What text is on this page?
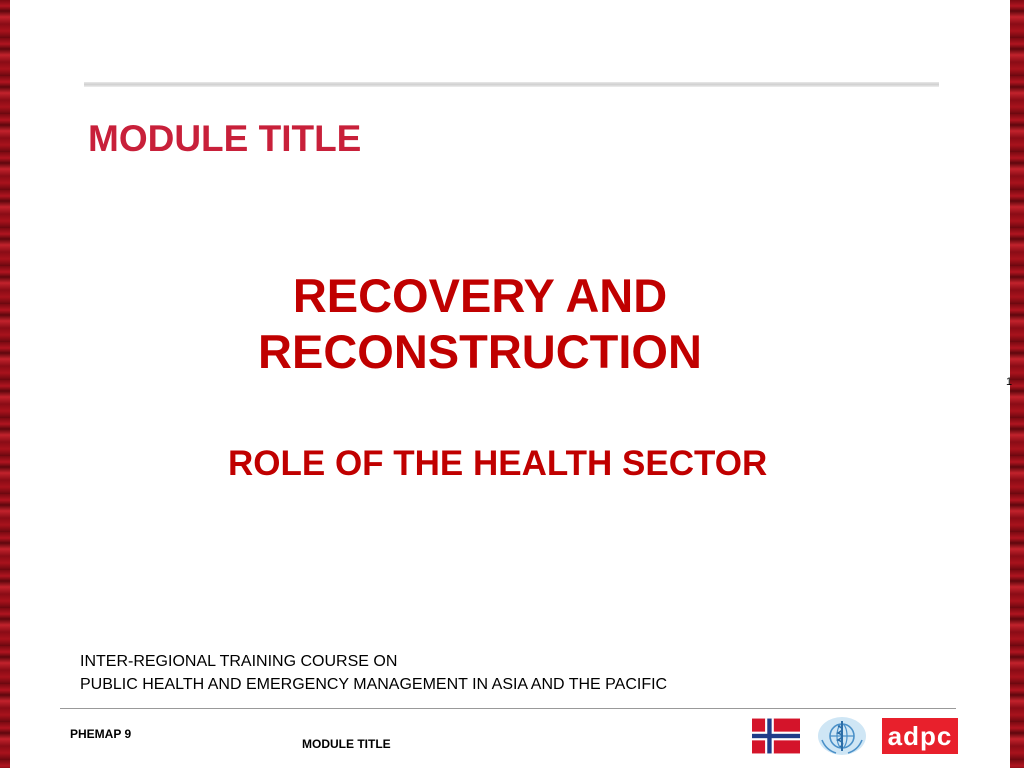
MODULE TITLE
RECOVERY AND
RECONSTRUCTION
ROLE OF THE HEALTH SECTOR
1
INTER-REGIONAL TRAINING COURSE ON
PUBLIC HEALTH AND EMERGENCY MANAGEMENT IN ASIA AND THE PACIFIC
PHEMAP 9
MODULE TITLE	adpc
